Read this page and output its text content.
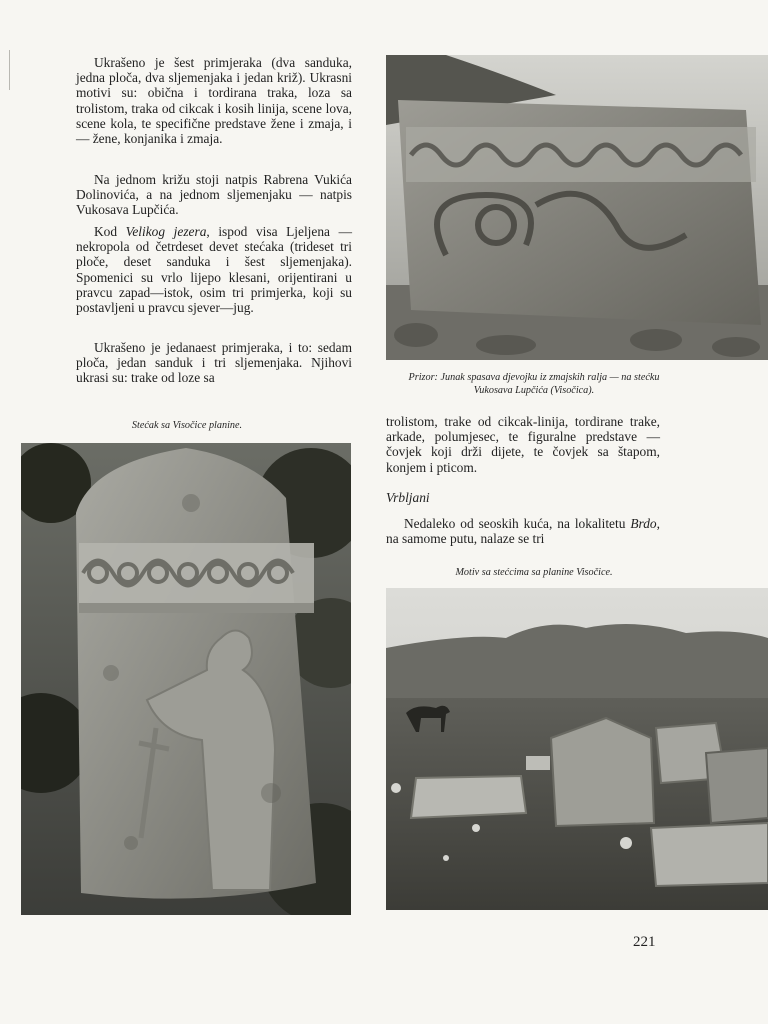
Ukrašeno je šest primjeraka (dva sanduka, jedna ploča, dva sljemenjaka i jedan križ). Ukrasni motivi su: obična i tordirana traka, loza sa trolistom, traka od cikcak i kosih linija, scene lova, scene kola, te specifične predstave žene i zmaja, i — žene, konjanika i zmaja.

Na jednom križu stoji natpis Rabrena Vukića Dolinovića, a na jednom sljemenjaku — natpis Vukosava Lupčića.

Kod Velikog jezera, ispod visa Ljeljena — nekropola od četrdeset devet stećaka (trideset tri ploče, deset sanduka i šest sljemenjaka). Spomenici su vrlo lijepo klesani, orijentirani u pravcu zapad—istok, osim tri primjerka, koji su postavljeni u pravcu sjever—jug.

Ukrašeno je jedanaest primjeraka, i to: sedam ploča, jedan sanduk i tri sljemenjaka. Njihovi ukrasi su: trake od loze sa

Stećak sa Visočice planine.

Prizor: Junak spasava djevojku iz zmajskih ralja — na stećku Vukosava Lupčića (Visočica).

trolistom, trake od cikcak-linija, tordirane trake, arkade, polumjesec, te figuralne predstave — čovjek koji drži dijete, te čovjek sa štapom, konjem i pticom.

Vrbljani

Nedaleko od seoskih kuća, na lokalitetu Brdo, na samome putu, nalaze se tri

Motiv sa stećcima sa planine Visočice.

221
